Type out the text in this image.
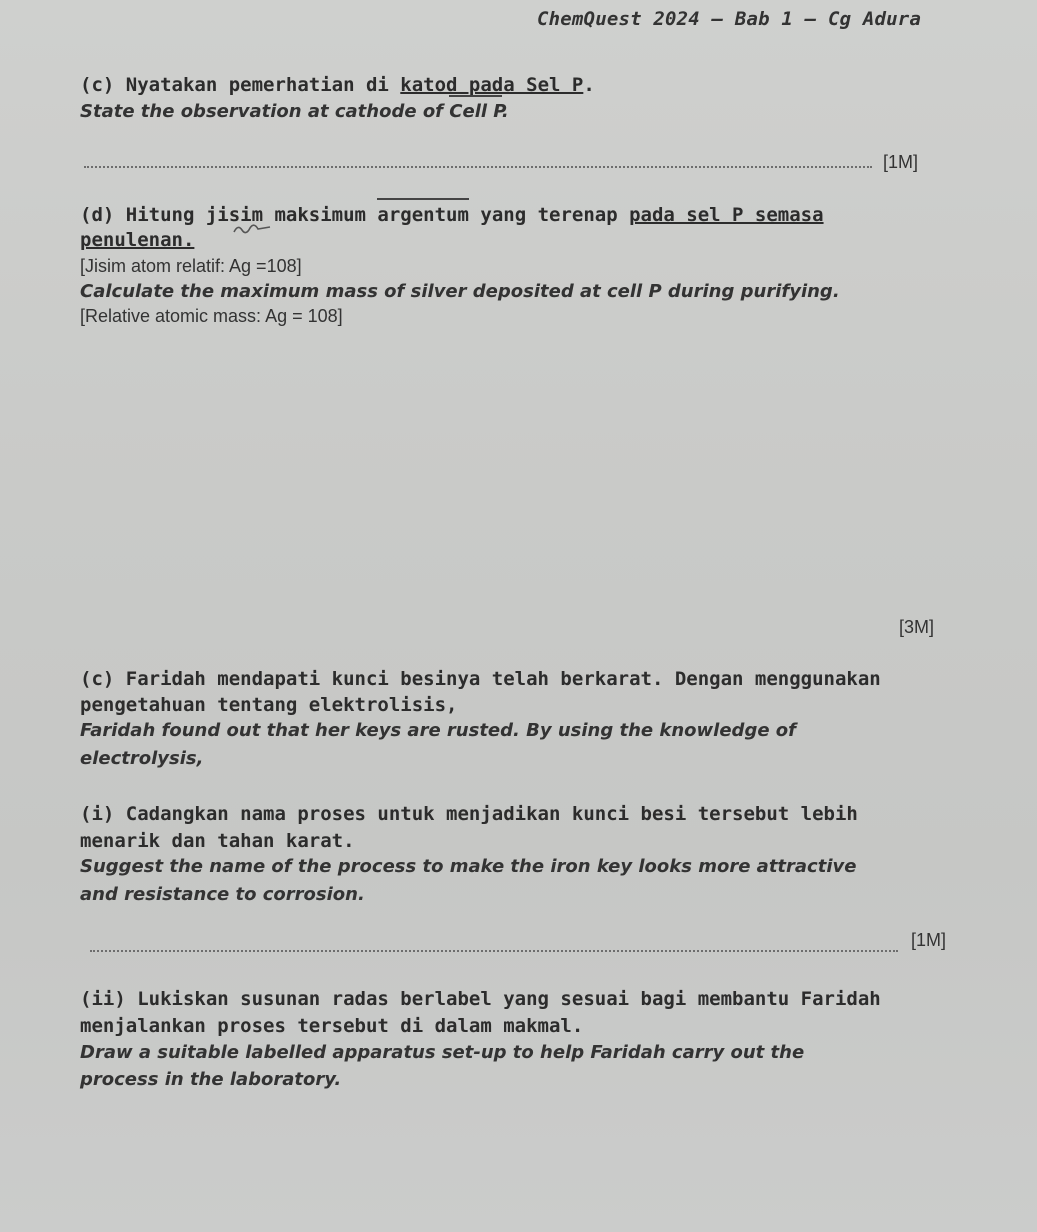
ChemQuest 2024 – Bab 1 – Cg Adura
(c) Nyatakan pemerhatian di katod pada Sel P.
State the observation at cathode of Cell P.
[1M]
(d) Hitung jisim maksimum argentum yang terenap pada sel P semasa
penulenan.
[Jisim atom relatif: Ag =108]
Calculate the maximum mass of silver deposited at cell P during purifying.
[Relative atomic mass: Ag = 108]
[3M]
(c) Faridah mendapati kunci besinya telah berkarat. Dengan menggunakan
pengetahuan tentang elektrolisis,
Faridah found out that her keys are rusted. By using the knowledge of
electrolysis,
(i) Cadangkan nama proses untuk menjadikan kunci besi tersebut lebih
menarik dan tahan karat.
Suggest the name of the process to make the iron key looks more attractive
and resistance to corrosion.
[1M]
(ii) Lukiskan susunan radas berlabel yang sesuai bagi membantu Faridah
menjalankan proses tersebut di dalam makmal.
Draw a suitable labelled apparatus set-up to help Faridah carry out the
process in the laboratory.
